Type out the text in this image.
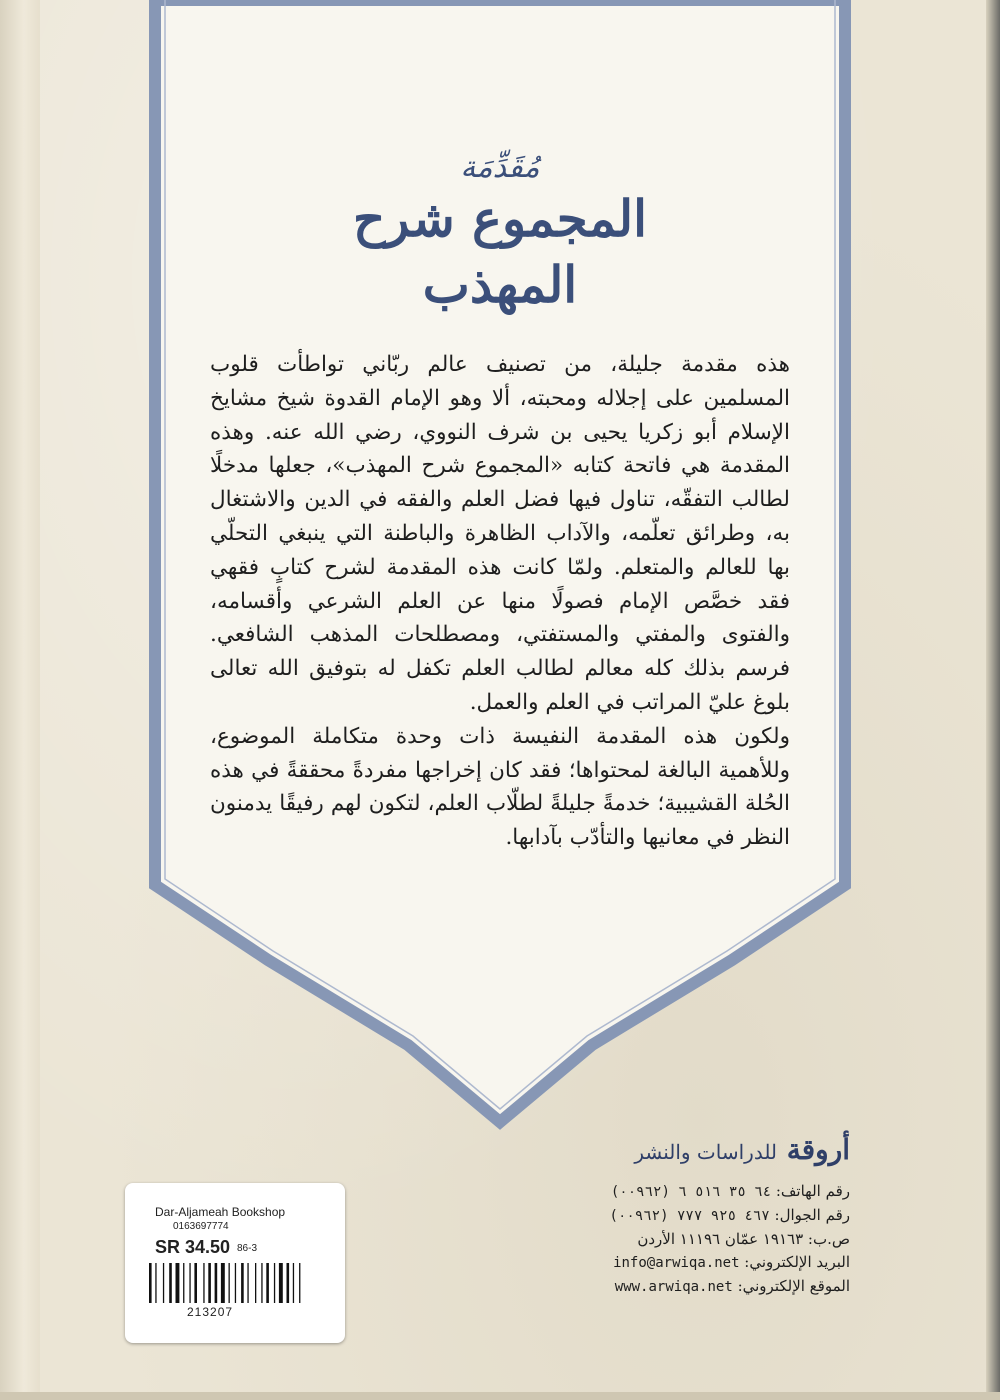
مُقَدِّمَة
المجموع شرح المهذب

هذه مقدمة جليلة، من تصنيف عالم ربّاني تواطأت قلوب المسلمين على إجلاله ومحبته، ألا وهو الإمام القدوة شيخ مشايخ الإسلام أبو زكريا يحيى بن شرف النووي، رضي الله عنه. وهذه المقدمة هي فاتحة كتابه «المجموع شرح المهذب»، جعلها مدخلًا لطالب التفقّه، تناول فيها فضل العلم والفقه في الدين والاشتغال به، وطرائق تعلّمه، والآداب الظاهرة والباطنة التي ينبغي التحلّي بها للعالم والمتعلم. ولمّا كانت هذه المقدمة لشرح كتابٍ فقهي فقد خصَّص الإمام فصولًا منها عن العلم الشرعي وأقسامه، والفتوى والمفتي والمستفتي، ومصطلحات المذهب الشافعي. فرسم بذلك كله معالم لطالب العلم تكفل له بتوفيق الله تعالى بلوغ عليّ المراتب في العلم والعمل.

ولكون هذه المقدمة النفيسة ذات وحدة متكاملة الموضوع، وللأهمية البالغة لمحتواها؛ فقد كان إخراجها مفردةً محققةً في هذه الحُلة القشيبية؛ خدمةً جليلةً لطلّاب العلم، لتكون لهم رفيقًا يدمنون النظر في معانيها والتأدّب بآدابها.

أروقة للدراسات والنشر
رقم الهاتف: ٦٤ ٣٥ ٥١٦ ٦ (٠٠٩٦٢)
رقم الجوال: ٤٦٧ ٩٢٥ ٧٧٧ (٠٠٩٦٢)
ص.ب: ١٩١٦٣ عمّان ١١١٩٦ الأردن
البريد الإلكتروني: info@arwiqa.net
الموقع الإلكتروني: www.arwiqa.net
Dar-Aljameah Bookshop
0163697774
SR 34.50 86-3
213207
